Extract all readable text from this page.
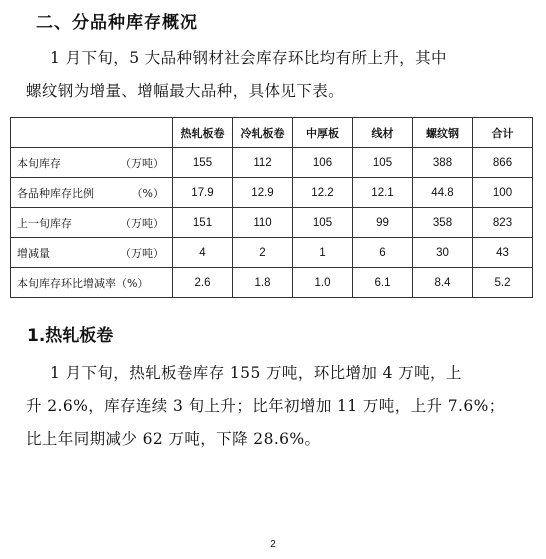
二、分品种库存概况
1 月下旬，5 大品种钢材社会库存环比均有所上升，其中
螺纹钢为增量、增幅最大品种，具体见下表。
	热轧板卷	冷轧板卷	中厚板	线材	螺纹钢	合计
本旬库存 （万吨）	155	112	106	105	388	866
各品种库存比例 （%）	17.9	12.9	12.2	12.1	44.8	100
上一旬库存 （万吨）	151	110	105	99	358	823
增减量 （万吨）	4	2	1	6	30	43
本旬库存环比增减率（%）	2.6	1.8	1.0	6.1	8.4	5.2
1.热轧板卷
1 月下旬，热轧板卷库存 155 万吨，环比增加 4 万吨，上
升 2.6%，库存连续 3 旬上升；比年初增加 11 万吨，上升 7.6%；
比上年同期减少 62 万吨，下降 28.6%。
2
